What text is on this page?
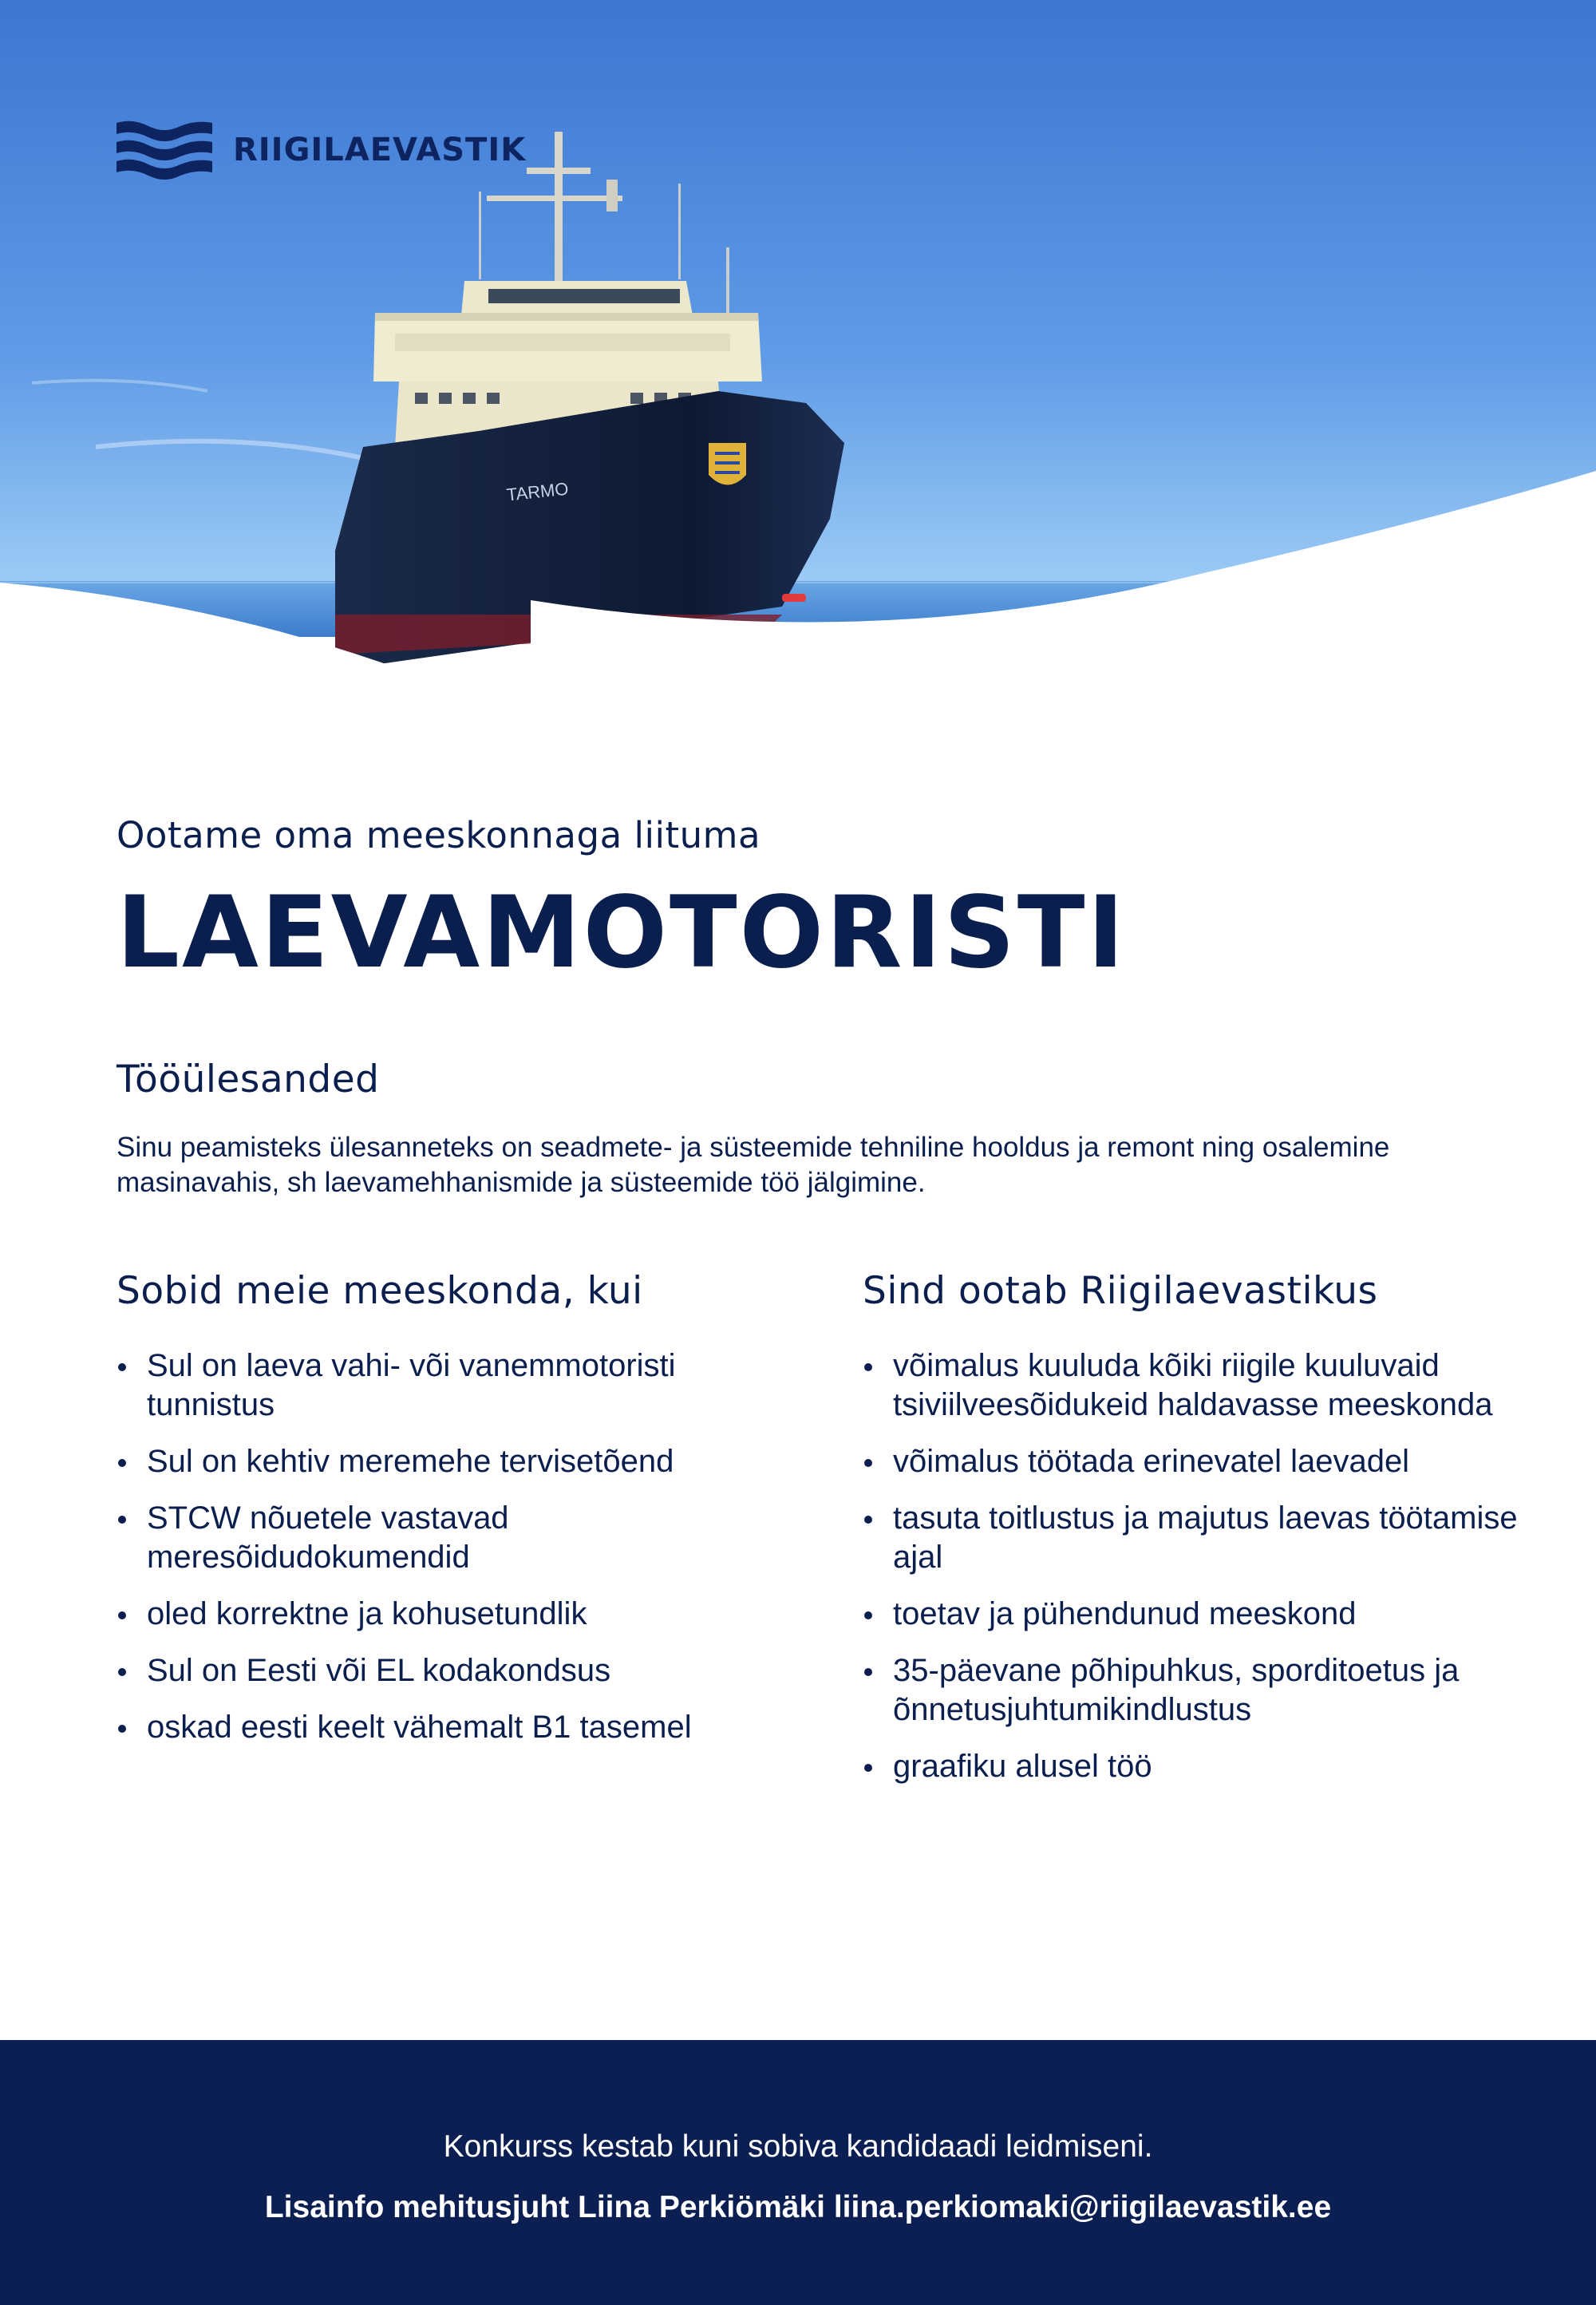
TARMO
RIIGILAEVASTIK
Ootame oma meeskonnaga liituma
LAEVAMOTORISTI
Tööülesanded

Sinu peamisteks ülesanneteks on seadmete- ja süsteemide tehniline hooldus ja remont ning osalemine masinavahis, sh laevamehhanismide ja süsteemide töö jälgimine.

Sobid meie meeskonda, kui
Sul on laeva vahi- või vanemmotoristi tunnistus
Sul on kehtiv meremehe tervisetõend
STCW nõuetele vastavad meresõidudokumendid
oled korrektne ja kohusetundlik
Sul on Eesti või EL kodakondsus
oskad eesti keelt vähemalt B1 tasemel
Sind ootab Riigilaevastikus
võimalus kuuluda kõiki riigile kuuluvaid tsiviilveesõidukeid haldavasse meeskonda
võimalus töötada erinevatel laevadel
tasuta toitlustus ja majutus laevas töötamise ajal
toetav ja pühendunud meeskond
35-päevane põhipuhkus, sporditoetus ja õnnetusjuhtumikindlustus
graafiku alusel töö
Konkurss kestab kuni sobiva kandidaadi leidmiseni.
Lisainfo mehitusjuht Liina Perkiömäki liina.perkiomaki@riigilaevastik.ee
